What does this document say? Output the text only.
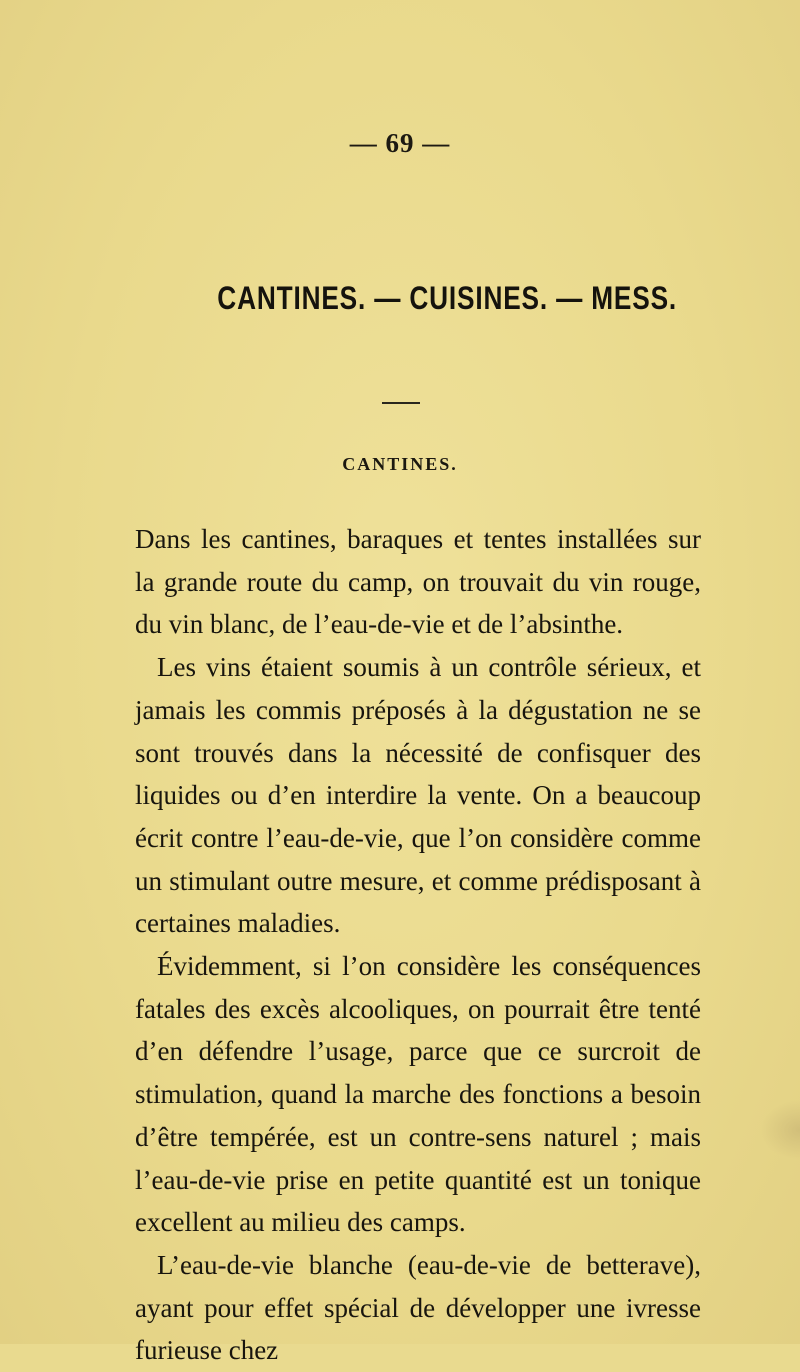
— 69 —
CANTINES. — CUISINES. — MESS.
CANTINES.

Dans les cantines, baraques et tentes installées sur la grande route du camp, on trouvait du vin rouge, du vin blanc, de l’eau-de-vie et de l’absinthe.

Les vins étaient soumis à un contrôle sérieux, et jamais les commis préposés à la dégustation ne se sont trouvés dans la nécessité de confisquer des liquides ou d’en interdire la vente. On a beaucoup écrit contre l’eau-de-vie, que l’on considère comme un stimulant outre mesure, et comme prédisposant à certaines maladies.

Évidemment, si l’on considère les conséquences fatales des excès alcooliques, on pourrait être tenté d’en défendre l’usage, parce que ce surcroit de stimulation, quand la marche des fonctions a besoin d’être tempérée, est un contre-sens naturel ; mais l’eau-de-vie prise en petite quantité est un tonique excellent au milieu des camps.

L’eau-de-vie blanche (eau-de-vie de betterave), ayant pour effet spécial de développer une ivresse furieuse chez
